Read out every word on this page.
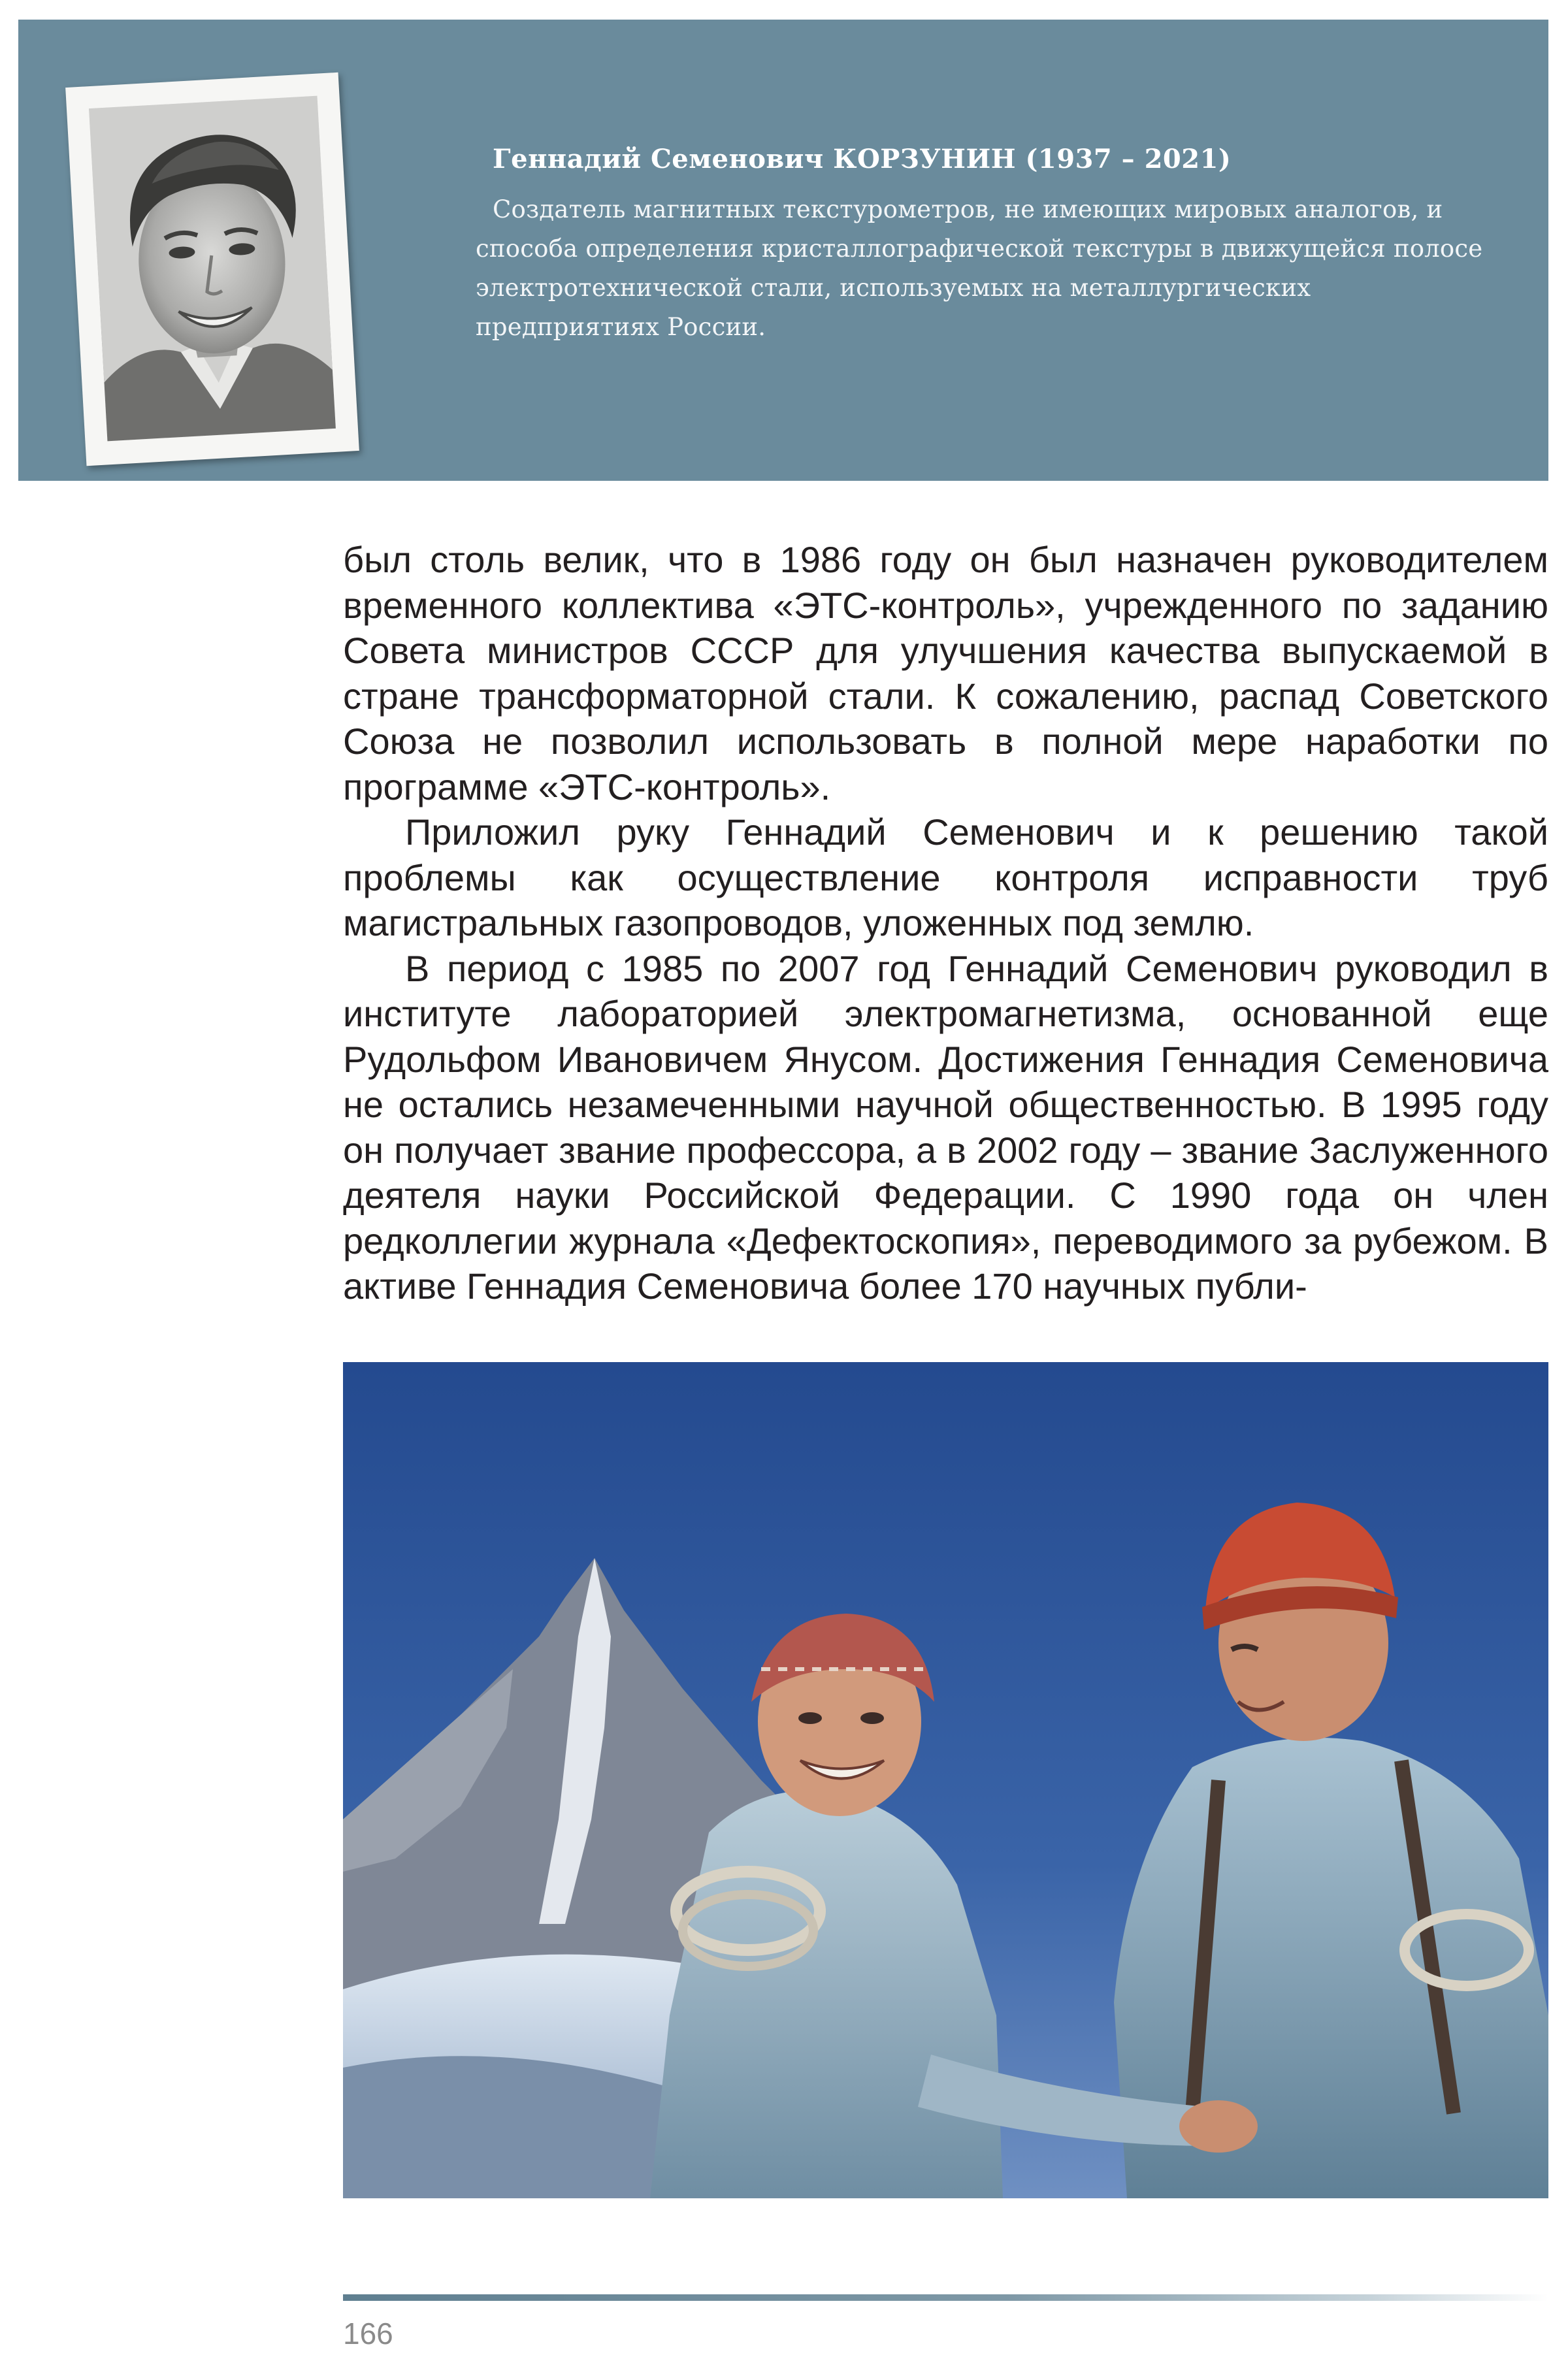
Геннадий Семенович КОРЗУНИН (1937 – 2021)
Создатель магнитных текстурометров, не имеющих мировых аналогов, и способа определения кристаллографической текстуры в движущейся полосе электротехнической стали, используемых на металлургических предприятиях России.

был столь велик, что в 1986 году он был назначен руководителем временного коллектива «ЭТС-контроль», учрежденного по заданию Совета министров СССР для улучшения качества выпускаемой в стране трансформаторной стали. К сожалению, распад Советского Союза не позволил использовать в полной мере наработки по программе «ЭТС-контроль».

Приложил руку Геннадий Семенович и к решению такой проблемы как осуществление контроля исправности труб магистральных газопроводов, уложенных под землю.

В период с 1985 по 2007 год Геннадий Семенович руководил в институте лабораторией электромагнетизма, основанной еще Рудольфом Ивановичем Янусом. Достижения Геннадия Семеновича не остались незамеченными научной общественностью. В 1995 году он получает звание профессора, а в 2002 году – звание Заслуженного деятеля науки Российской Федерации. С 1990 года он член редколлегии журнала «Дефектоскопия», переводимого за рубежом. В активе Геннадия Семеновича более 170 научных публи-

166
